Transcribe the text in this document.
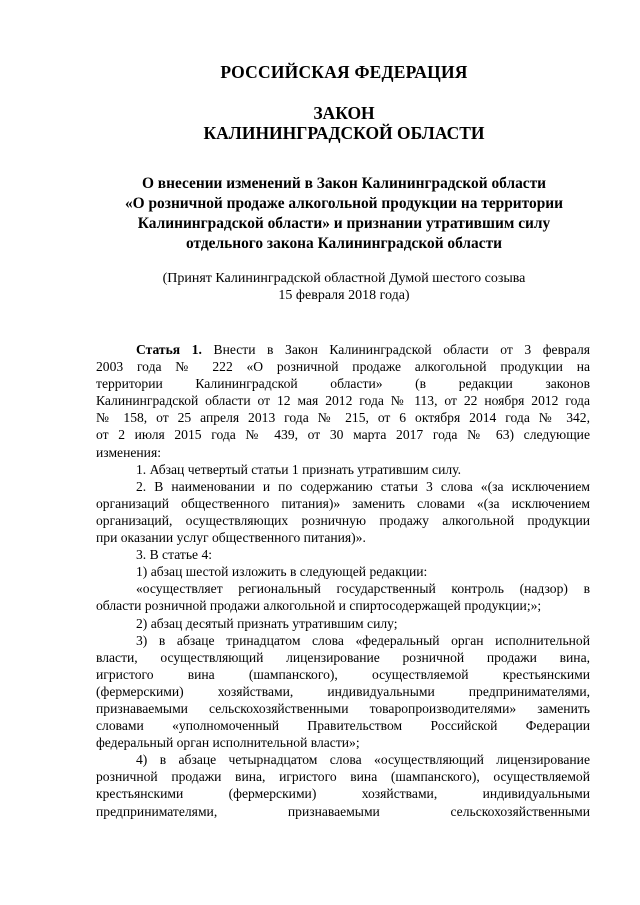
РОССИЙСКАЯ ФЕДЕРАЦИЯ
ЗАКОН
КАЛИНИНГРАДСКОЙ ОБЛАСТИ
О внесении изменений в Закон Калининградской области
«О розничной продаже алкогольной продукции на территории
Калининградской области» и признании утратившим силу
отдельного закона Калининградской области
(Принят Калининградской областной Думой шестого созыва
15 февраля 2018 года)

Статья 1. Внести в Закон Калининградской области от 3 февраля
2003 года № 222 «О розничной продаже алкогольной продукции на
территории Калининградской области» (в редакции законов
Калининградской области от 12 мая 2012 года № 113, от 22 ноября 2012 года
№ 158, от 25 апреля 2013 года № 215, от 6 октября 2014 года № 342,
от 2 июля 2015 года № 439, от 30 марта 2017 года № 63) следующие
изменения:

1. Абзац четвертый статьи 1 признать утратившим силу.

2. В наименовании и по содержанию статьи 3 слова «(за исключением
организаций общественного питания)» заменить словами «(за исключением
организаций, осуществляющих розничную продажу алкогольной продукции
при оказании услуг общественного питания)».

3. В статье 4:

1) абзац шестой изложить в следующей редакции:

«осуществляет региональный государственный контроль (надзор) в
области розничной продажи алкогольной и спиртосодержащей продукции;»;

2) абзац десятый признать утратившим силу;

3) в абзаце тринадцатом слова «федеральный орган исполнительной
власти, осуществляющий лицензирование розничной продажи вина,
игристого вина (шампанского), осуществляемой крестьянскими
(фермерскими) хозяйствами, индивидуальными предпринимателями,
признаваемыми сельскохозяйственными товаропроизводителями» заменить
словами «уполномоченный Правительством Российской Федерации
федеральный орган исполнительной власти»;

4) в абзаце четырнадцатом слова «осуществляющий лицензирование
розничной продажи вина, игристого вина (шампанского), осуществляемой
крестьянскими (фермерскими) хозяйствами, индивидуальными
предпринимателями, признаваемыми сельскохозяйственными
